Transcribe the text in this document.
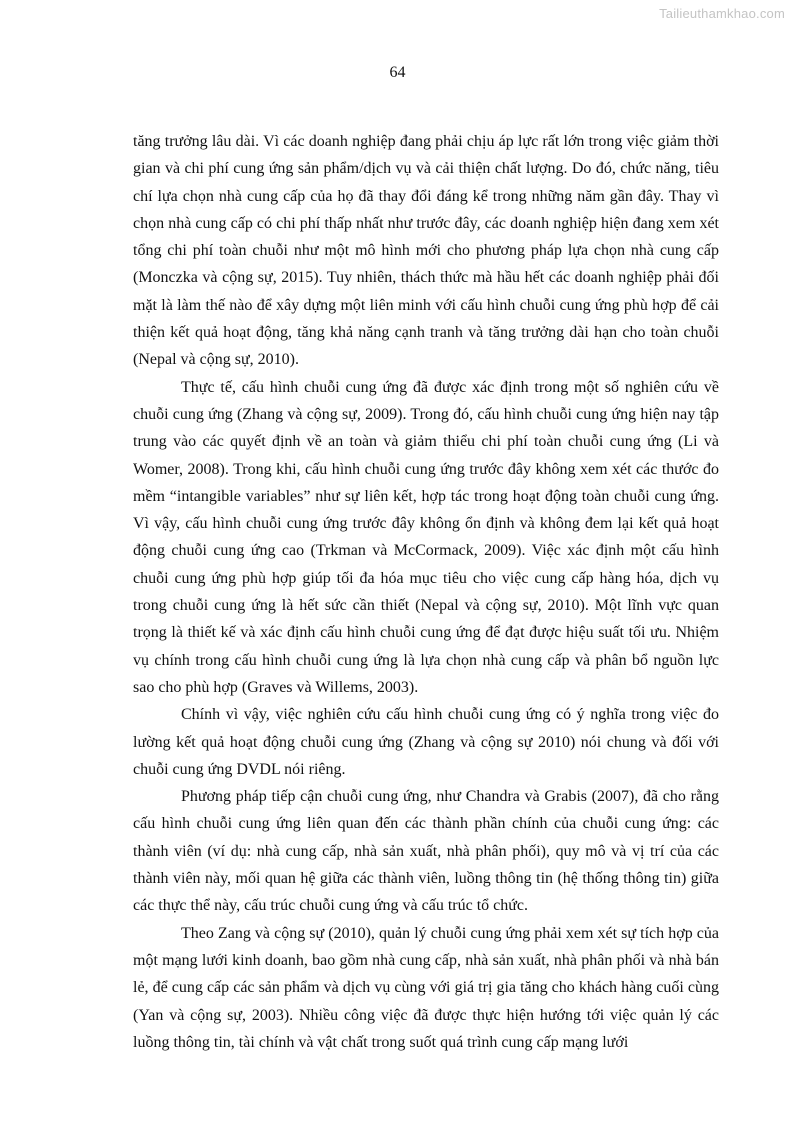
Tailieuthamkhao.com
64

tăng trưởng lâu dài. Vì các doanh nghiệp đang phải chịu áp lực rất lớn trong việc giảm thời gian và chi phí cung ứng sản phẩm/dịch vụ và cải thiện chất lượng. Do đó, chức năng, tiêu chí lựa chọn nhà cung cấp của họ đã thay đổi đáng kể trong những năm gần đây. Thay vì chọn nhà cung cấp có chi phí thấp nhất như trước đây, các doanh nghiệp hiện đang xem xét tổng chi phí toàn chuỗi như một mô hình mới cho phương pháp lựa chọn nhà cung cấp (Monczka và cộng sự, 2015). Tuy nhiên, thách thức mà hầu hết các doanh nghiệp phải đối mặt là làm thế nào để xây dựng một liên minh với cấu hình chuỗi cung ứng phù hợp để cải thiện kết quả hoạt động, tăng khả năng cạnh tranh và tăng trưởng dài hạn cho toàn chuỗi (Nepal và cộng sự, 2010).

Thực tế, cấu hình chuỗi cung ứng đã được xác định trong một số nghiên cứu về chuỗi cung ứng (Zhang và cộng sự, 2009). Trong đó, cấu hình chuỗi cung ứng hiện nay tập trung vào các quyết định về an toàn và giảm thiểu chi phí toàn chuỗi cung ứng (Li và Womer, 2008). Trong khi, cấu hình chuỗi cung ứng trước đây không xem xét các thước đo mềm “intangible variables” như sự liên kết, hợp tác trong hoạt động toàn chuỗi cung ứng. Vì vậy, cấu hình chuỗi cung ứng trước đây không ổn định và không đem lại kết quả hoạt động chuỗi cung ứng cao (Trkman và McCormack, 2009). Việc xác định một cấu hình chuỗi cung ứng phù hợp giúp tối đa hóa mục tiêu cho việc cung cấp hàng hóa, dịch vụ trong chuỗi cung ứng là hết sức cần thiết (Nepal và cộng sự, 2010). Một lĩnh vực quan trọng là thiết kế và xác định cấu hình chuỗi cung ứng để đạt được hiệu suất tối ưu. Nhiệm vụ chính trong cấu hình chuỗi cung ứng là lựa chọn nhà cung cấp và phân bổ nguồn lực sao cho phù hợp (Graves và Willems, 2003).

Chính vì vậy, việc nghiên cứu cấu hình chuỗi cung ứng có ý nghĩa trong việc đo lường kết quả hoạt động chuỗi cung ứng (Zhang và cộng sự 2010) nói chung và đối với chuỗi cung ứng DVDL nói riêng.

Phương pháp tiếp cận chuỗi cung ứng, như Chandra và Grabis (2007), đã cho rằng cấu hình chuỗi cung ứng liên quan đến các thành phần chính của chuỗi cung ứng: các thành viên (ví dụ: nhà cung cấp, nhà sản xuất, nhà phân phối), quy mô và vị trí của các thành viên này, mối quan hệ giữa các thành viên, luồng thông tin (hệ thống thông tin) giữa các thực thể này, cấu trúc chuỗi cung ứng và cấu trúc tổ chức.

Theo Zang và cộng sự (2010), quản lý chuỗi cung ứng phải xem xét sự tích hợp của một mạng lưới kinh doanh, bao gồm nhà cung cấp, nhà sản xuất, nhà phân phối và nhà bán lẻ, để cung cấp các sản phẩm và dịch vụ cùng với giá trị gia tăng cho khách hàng cuối cùng (Yan và cộng sự, 2003). Nhiều công việc đã được thực hiện hướng tới việc quản lý các luồng thông tin, tài chính và vật chất trong suốt quá trình cung cấp mạng lưới
